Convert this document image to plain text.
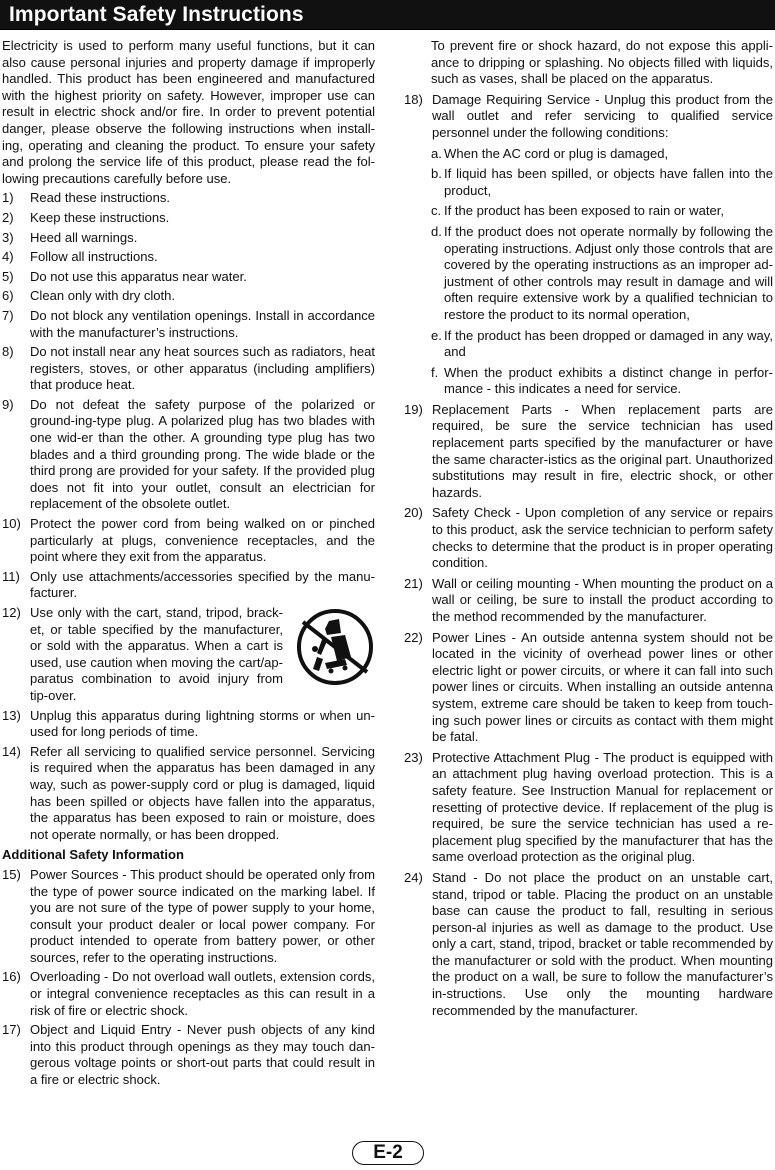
Important Safety Instructions

Electricity is used to perform many useful functions, but it can also cause personal injuries and property damage if improperly handled. This product has been engineered and manufactured with the highest priority on safety. However, improper use can result in electric shock and/or fire. In order to prevent potential danger, please observe the following instructions when install-ing, operating and cleaning the product. To ensure your safety and prolong the service life of this product, please read the fol-lowing precautions carefully before use.

1) Read these instructions.
2) Keep these instructions.
3) Heed all warnings.
4) Follow all instructions.
5) Do not use this apparatus near water.
6) Clean only with dry cloth.
7) Do not block any ventilation openings. Install in accordance with the manufacturer’s instructions.
8) Do not install near any heat sources such as radiators, heat registers, stoves, or other apparatus (including amplifiers) that produce heat.
9) Do not defeat the safety purpose of the polarized or ground-ing-type plug. A polarized plug has two blades with one wid-er than the other. A grounding type plug has two blades and a third grounding prong. The wide blade or the third prong are provided for your safety. If the provided plug does not fit into your outlet, consult an electrician for replacement of the obsolete outlet.
10) Protect the power cord from being walked on or pinched particularly at plugs, convenience receptacles, and the point where they exit from the apparatus.
11) Only use attachments/accessories specified by the manu-facturer.
12) Use only with the cart, stand, tripod, brack-et, or table specified by the manufacturer, or sold with the apparatus. When a cart is used, use caution when moving the cart/ap-paratus combination to avoid injury from tip-over.
13) Unplug this apparatus during lightning storms or when un-used for long periods of time.
14) Refer all servicing to qualified service personnel. Servicing is required when the apparatus has been damaged in any way, such as power-supply cord or plug is damaged, liquid has been spilled or objects have fallen into the apparatus, the apparatus has been exposed to rain or moisture, does not operate normally, or has been dropped.

Additional Safety Information

15) Power Sources - This product should be operated only from the type of power source indicated on the marking label. If you are not sure of the type of power supply to your home, consult your product dealer or local power company. For product intended to operate from battery power, or other sources, refer to the operating instructions.
16) Overloading - Do not overload wall outlets, extension cords, or integral convenience receptacles as this can result in a risk of fire or electric shock.
17) Object and Liquid Entry - Never push objects of any kind into this product through openings as they may touch dan-gerous voltage points or short-out parts that could result in a fire or electric shock.

To prevent fire or shock hazard, do not expose this appli-ance to dripping or splashing. No objects filled with liquids, such as vases, shall be placed on the apparatus.

18) Damage Requiring Service - Unplug this product from the wall outlet and refer servicing to qualified service personnel under the following conditions:
a. When the AC cord or plug is damaged,
b. If liquid has been spilled, or objects have fallen into the product,
c. If the product has been exposed to rain or water,
d. If the product does not operate normally by following the operating instructions. Adjust only those controls that are covered by the operating instructions as an improper ad-justment of other controls may result in damage and will often require extensive work by a qualified technician to restore the product to its normal operation,
e. If the product has been dropped or damaged in any way, and
f. When the product exhibits a distinct change in perfor-mance - this indicates a need for service.
19) Replacement Parts - When replacement parts are required, be sure the service technician has used replacement parts specified by the manufacturer or have the same character-istics as the original part. Unauthorized substitutions may result in fire, electric shock, or other hazards.
20) Safety Check - Upon completion of any service or repairs to this product, ask the service technician to perform safety checks to determine that the product is in proper operating condition.
21) Wall or ceiling mounting - When mounting the product on a wall or ceiling, be sure to install the product according to the method recommended by the manufacturer.
22) Power Lines - An outside antenna system should not be located in the vicinity of overhead power lines or other electric light or power circuits, or where it can fall into such power lines or circuits. When installing an outside antenna system, extreme care should be taken to keep from touch-ing such power lines or circuits as contact with them might be fatal.
23) Protective Attachment Plug - The product is equipped with an attachment plug having overload protection. This is a safety feature. See Instruction Manual for replacement or resetting of protective device. If replacement of the plug is required, be sure the service technician has used a re-placement plug specified by the manufacturer that has the same overload protection as the original plug.
24) Stand - Do not place the product on an unstable cart, stand, tripod or table. Placing the product on an unstable base can cause the product to fall, resulting in serious person-al injuries as well as damage to the product. Use only a cart, stand, tripod, bracket or table recommended by the manufacturer or sold with the product. When mounting the product on a wall, be sure to follow the manufacturer’s in-structions. Use only the mounting hardware recommended by the manufacturer.
E-2
